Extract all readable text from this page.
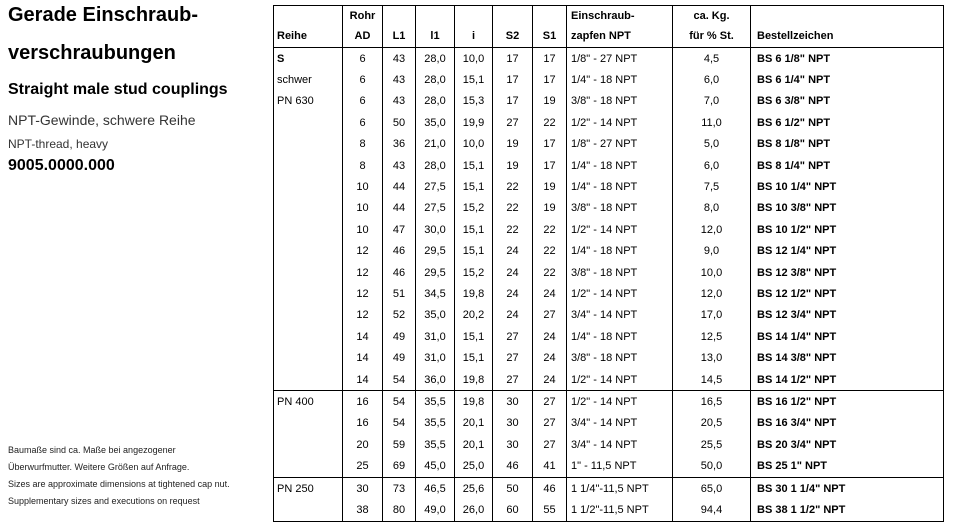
Gerade Einschraub-
verschraubungen
Straight male stud couplings
NPT-Gewinde, schwere Reihe
NPT-thread, heavy
9005.0000.000
Baumaße sind ca. Maße bei angezogener
Überwurfmutter. Weitere Größen auf Anfrage.
Sizes are approximate dimensions at tightened cap nut.
Supplementary sizes and executions on request
	Rohr						Einschraub-	ca. Kg.	
Reihe	AD	L1	l1	i	S2	S1	zapfen NPT	für % St.	Bestellzeichen
S	6	43	28,0	10,0	17	17	1/8" - 27 NPT	4,5	BS 6 1/8" NPT
schwer	6	43	28,0	15,1	17	17	1/4" - 18 NPT	6,0	BS 6 1/4" NPT
PN 630	6	43	28,0	15,3	17	19	3/8" - 18 NPT	7,0	BS 6 3/8" NPT
	6	50	35,0	19,9	27	22	1/2" - 14 NPT	11,0	BS 6 1/2" NPT
	8	36	21,0	10,0	19	17	1/8" - 27 NPT	5,0	BS 8 1/8" NPT
	8	43	28,0	15,1	19	17	1/4" - 18 NPT	6,0	BS 8 1/4" NPT
	10	44	27,5	15,1	22	19	1/4" - 18 NPT	7,5	BS 10 1/4" NPT
	10	44	27,5	15,2	22	19	3/8" - 18 NPT	8,0	BS 10 3/8" NPT
	10	47	30,0	15,1	22	22	1/2" - 14 NPT	12,0	BS 10 1/2" NPT
	12	46	29,5	15,1	24	22	1/4" - 18 NPT	9,0	BS 12 1/4" NPT
	12	46	29,5	15,2	24	22	3/8" - 18 NPT	10,0	BS 12 3/8" NPT
	12	51	34,5	19,8	24	24	1/2" - 14 NPT	12,0	BS 12 1/2" NPT
	12	52	35,0	20,2	24	27	3/4" - 14 NPT	17,0	BS 12 3/4" NPT
	14	49	31,0	15,1	27	24	1/4" - 18 NPT	12,5	BS 14 1/4" NPT
	14	49	31,0	15,1	27	24	3/8" - 18 NPT	13,0	BS 14 3/8" NPT
	14	54	36,0	19,8	27	24	1/2" - 14 NPT	14,5	BS 14 1/2" NPT
PN 400	16	54	35,5	19,8	30	27	1/2" - 14 NPT	16,5	BS 16 1/2" NPT
	16	54	35,5	20,1	30	27	3/4" - 14 NPT	20,5	BS 16 3/4" NPT
	20	59	35,5	20,1	30	27	3/4" - 14 NPT	25,5	BS 20 3/4" NPT
	25	69	45,0	25,0	46	41	1" - 11,5 NPT	50,0	BS 25 1" NPT
PN 250	30	73	46,5	25,6	50	46	1 1/4"-11,5 NPT	65,0	BS 30 1 1/4" NPT
	38	80	49,0	26,0	60	55	1 1/2"-11,5 NPT	94,4	BS 38 1 1/2" NPT
